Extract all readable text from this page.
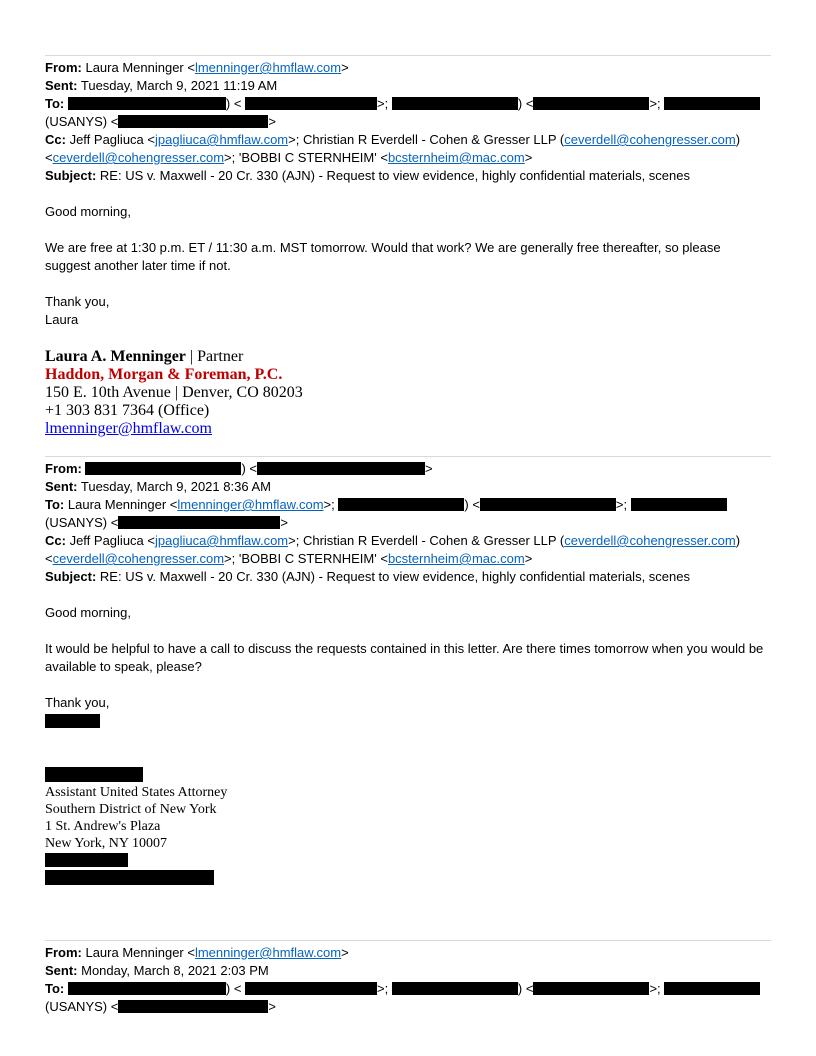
From: Laura Menninger <lmenninger@hmflaw.com>
Sent: Tuesday, March 9, 2021 11:19 AM
To:	) <	>;	) <	>;
(USANYS) <	>
Cc: Jeff Pagliuca <jpagliuca@hmflaw.com>; Christian R Everdell - Cohen & Gresser LLP (ceverdell@cohengresser.com)
<ceverdell@cohengresser.com>; 'BOBBI C STERNHEIM' <bcsternheim@mac.com>
Subject: RE: US v. Maxwell - 20 Cr. 330 (AJN) - Request to view evidence, highly confidential materials, scenes
Good morning,
We are free at 1:30 p.m. ET / 11:30 a.m. MST tomorrow. Would that work? We are generally free thereafter, so please suggest another later time if not.
Thank you,
Laura
Laura A. Menninger | Partner
Haddon, Morgan & Foreman, P.C.
150 E. 10th Avenue | Denver, CO 80203
+1 303 831 7364 (Office)
lmenninger@hmflaw.com
From:	) <	>
Sent: Tuesday, March 9, 2021 8:36 AM
To: Laura Menninger <lmenninger@hmflaw.com>;	) <	>;
(USANYS) <	>
Cc: Jeff Pagliuca <jpagliuca@hmflaw.com>; Christian R Everdell - Cohen & Gresser LLP (ceverdell@cohengresser.com)
<ceverdell@cohengresser.com>; 'BOBBI C STERNHEIM' <bcsternheim@mac.com>
Subject: RE: US v. Maxwell - 20 Cr. 330 (AJN) - Request to view evidence, highly confidential materials, scenes
Good morning,
It would be helpful to have a call to discuss the requests contained in this letter. Are there times tomorrow when you would be available to speak, please?
Thank you,
Assistant United States Attorney
Southern District of New York
1 St. Andrew's Plaza
New York, NY 10007
From: Laura Menninger <lmenninger@hmflaw.com>
Sent: Monday, March 8, 2021 2:03 PM
To:	) <	>;	) <	>;
(USANYS) <	>
